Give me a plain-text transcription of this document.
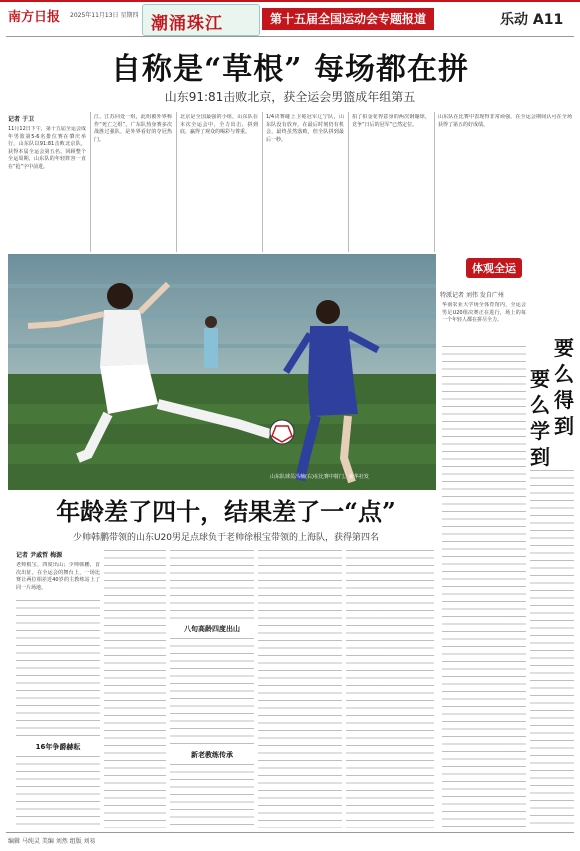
南方日报 2025年11月13日 星期四 潮涌珠江	第十五届全国运动会专题报道	乐动 A11
自称是“草根” 每场都在拼
山东91:81击败北京，获全运会男篮成年组第五
记者 于卫
11月12日下午，第十五届全运会成年男篮第5-6名排位赛在肇庆举行，山东队以91:81击败北京队，获得本届全运会第五名。回顾整个全运周期，山东队的年轻阵容一直在“抢”字中前进。
江、江苏同处一组，此组被外界称作“死亡之组”。广东队热身赛多次战胜过强队，是外界看好的夺冠热门。
北京是全国最强的小组，山东队在本次全运会中，全力出击、拼到底，赢得了观众的喝彩与尊重。
1/4决赛碰上卫冕冠军辽宁队，山东队没有放弃，在最后时刻仍有机会，最终虽然落败，但全队拼到最后一秒。
拍了拍金花得意身的两次钢镚球，竞争“日后的冠军”已然定位。
山东队在比赛中表现得非常顽强，在全运会期间认可在全场获得了第五的好成绩。
山东队球员冯楠(右)在比赛中射门。新华社发
体观全运
特派记者 刘伟 发自广州
要么得到
要么学到
华南农业大学场全体育馆内，全运会男足U20组决赛正在进行，场上的每一个年轻人都在拼尽全力。
年龄差了四十，结果差了一“点”
少帅韩鹏带领的山东U20男足点球负于老帅徐根宝带领的上海队，获得第四名
记者 尹戚哲 梅源
老帅根宝，四度出山；少帅韩鹏，首次出征。在全运会的舞台上，一场比赛让两位相差近40岁的主教练站上了同一片场地。
16年争爵赫耘
八旬高龄四度出山
新老教练传承
编辑 马纯灵 美编 刘然 组版 刘易
